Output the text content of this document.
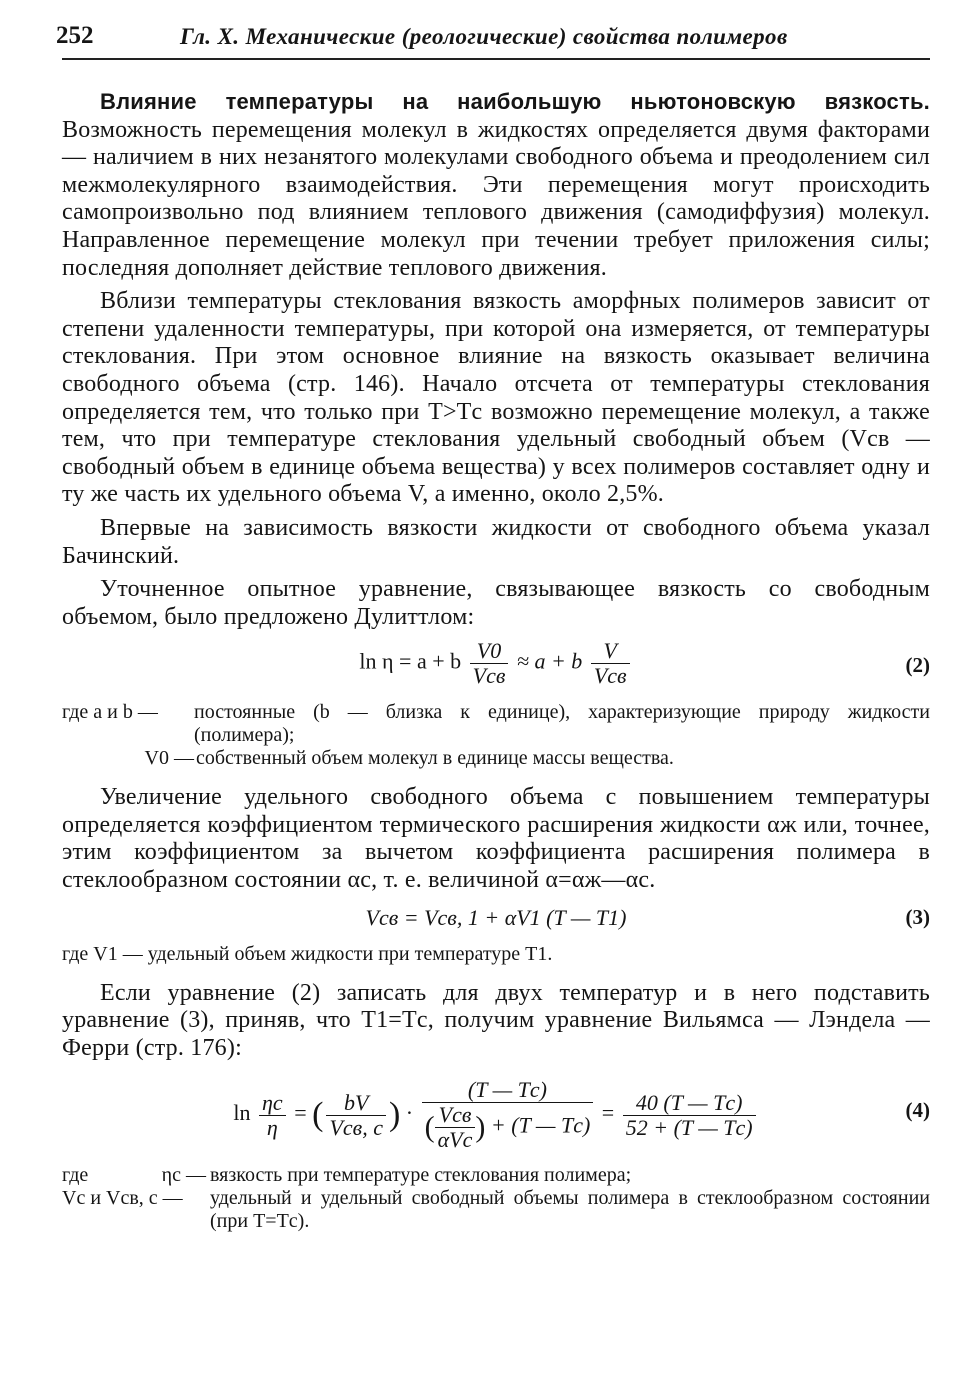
252	Гл. X. Механические (реологические) свойства полимеров

Влияние температуры на наибольшую ньютоновскую вязкость. Возможность перемещения молекул в жидкостях определяется двумя факторами — наличием в них незанятого молекулами свободного объема и преодолением сил межмолекулярного взаимодействия. Эти перемещения могут происходить самопроизвольно под влиянием теплового движения (самодиффузия) молекул. Направленное перемещение молекул при течении требует приложения силы; последняя дополняет действие теплового движения.

Вблизи температуры стеклования вязкость аморфных полимеров зависит от степени удаленности температуры, при которой она измеряется, от температуры стеклования. При этом основное влияние на вязкость оказывает величина свободного объема (стр. 146). Начало отсчета от температуры стеклования определяется тем, что только при T>Tс возможно перемещение молекул, а также тем, что при температуре стеклования удельный свободный объем (Vсв — свободный объем в единице объема вещества) у всех полимеров составляет одну и ту же часть их удельного объема V, а именно, около 2,5%.

Впервые на зависимость вязкости жидкости от свободного объема указал Бачинский.

Уточненное опытное уравнение, связывающее вязкость со свободным объемом, было предложено Дулиттлом:

ln η = a + b $\frac{V0}{\text{Vсв}} \approx a + b \frac{V}{\text{Vсв}}$	(2)
где a и b —	постоянные (b — близка к единице), характеризующие природу жидкости (полимера);
V0 — собственный объем молекул в единице массы вещества.

Увеличение удельного свободного объема с повышением температуры определяется коэффициентом термического расширения жидкости αж или, точнее, этим коэффициентом за вычетом коэффициента расширения полимера в стеклообразном состоянии αс, т. е. величиной α=αж—αс.

Vсв = Vсв, 1 + αV1 (T — T1)	(3)
где V1 — удельный объем жидкости при температуре T1.

Если уравнение (2) записать для двух температур и в него подставить уравнение (3), приняв, что T1=Tс, получим уравнение Вильямса — Лэндела — Ферри (стр. 176):

$\ln \frac{\eta с}{\eta}$ = ( $\frac{bV}{\text{Vсв, с}}$ ) ·
(T — Tс)
( $\frac{\text{Vсв}}{\text{αVс}}$ ) + (T — $Tс) = \frac{40 (T — Tс)}{52 + (T — Tс)}$	(4)
где	ηс — вязкость при температуре стеклования полимера;
Vс и Vсв, с —	удельный и удельный свободный объемы полимера в стеклообразном состоянии (при T=Tс).
